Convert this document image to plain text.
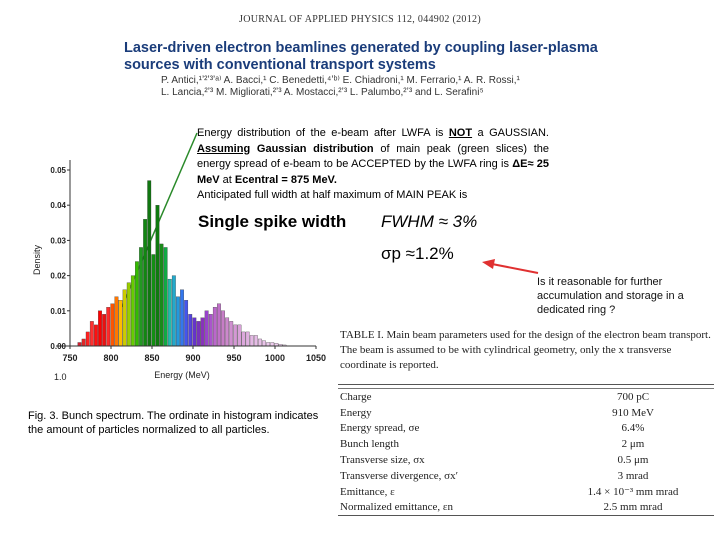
JOURNAL OF APPLIED PHYSICS 112, 044902 (2012)
Laser-driven electron beamlines generated by coupling laser-plasma sources with conventional transport systems
P. Antici,¹ʼ²ʼ³ʼᵃ⁾ A. Bacci,¹ C. Benedetti,⁴ʼᵇ⁾ E. Chiadroni,¹ M. Ferrario,¹ A. R. Rossi,¹
L. Lancia,²ʼ³ M. Migliorati,²ʼ³ A. Mostacci,²ʼ³ L. Palumbo,²ʼ³ and L. Serafini⁵
Energy distribution of the e-beam after LWFA is NOT a GAUSSIAN. Assuming Gaussian distribution of main peak (green slices) the energy spread of e-beam to be ACCEPTED by the LWFA ring is ΔE≈ 25 MeV at Ecentral = 875 MeV.
Anticipated full width at half maximum of MAIN PEAK is
Single spike width FWHM ≈ 3%
σp ≈1.2%
Is it reasonable for further accumulation and storage in a dedicated ring ?
750	800	850	900	950	1000 1050
0.00
0.01
0.02
0.03
0.04
0.05
Energy (MeV)
Density
1.0
Fig. 3. Bunch spectrum. The ordinate in histogram indicates the amount of particles normalized to all particles.
TABLE I. Main beam parameters used for the design of the electron beam transport. The beam is assumed to be with cylindrical geometry, only the x transverse coordinate is reported.
Charge	700 pC
Energy	910 MeV
Energy spread, σe	6.4%
Bunch length	2 μm
Transverse size, σx	0.5 μm
Transverse divergence, σx′	3 mrad
Emittance, ε	1.4 × 10⁻³ mm mrad
Normalized emittance, εn	2.5 mm mrad
